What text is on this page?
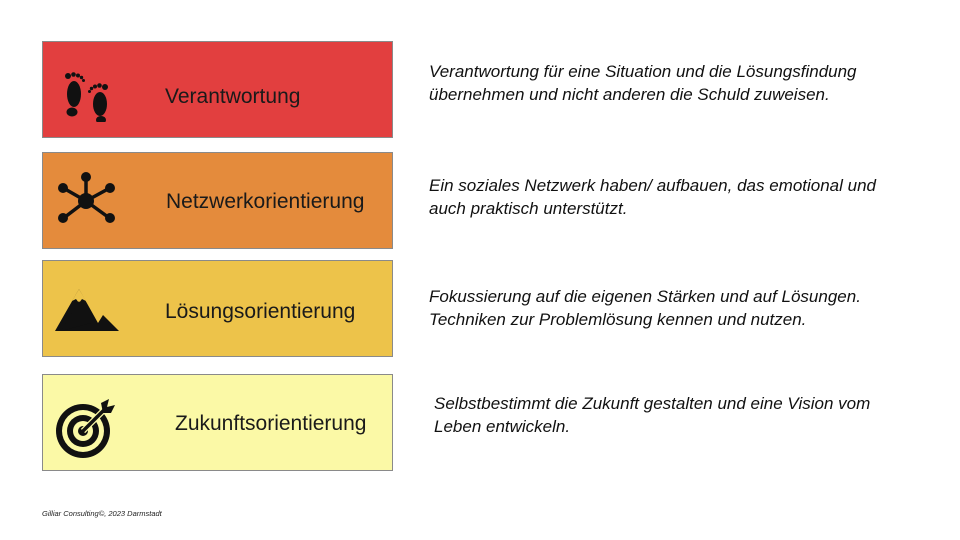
Verantwortung

Verantwortung für eine Situation und die Lösungsfindung übernehmen und nicht anderen die Schuld zuweisen.

Netzwerkorientierung

Ein soziales Netzwerk haben/ aufbauen, das emotional und auch praktisch unterstützt.

Lösungsorientierung

Fokussierung auf die eigenen Stärken und auf Lösungen. Techniken zur Problemlösung kennen und nutzen.

Zukunftsorientierung

Selbstbestimmt die Zukunft gestalten und eine Vision vom Leben entwickeln.

Gilliar Consulting©, 2023 Darmstadt
